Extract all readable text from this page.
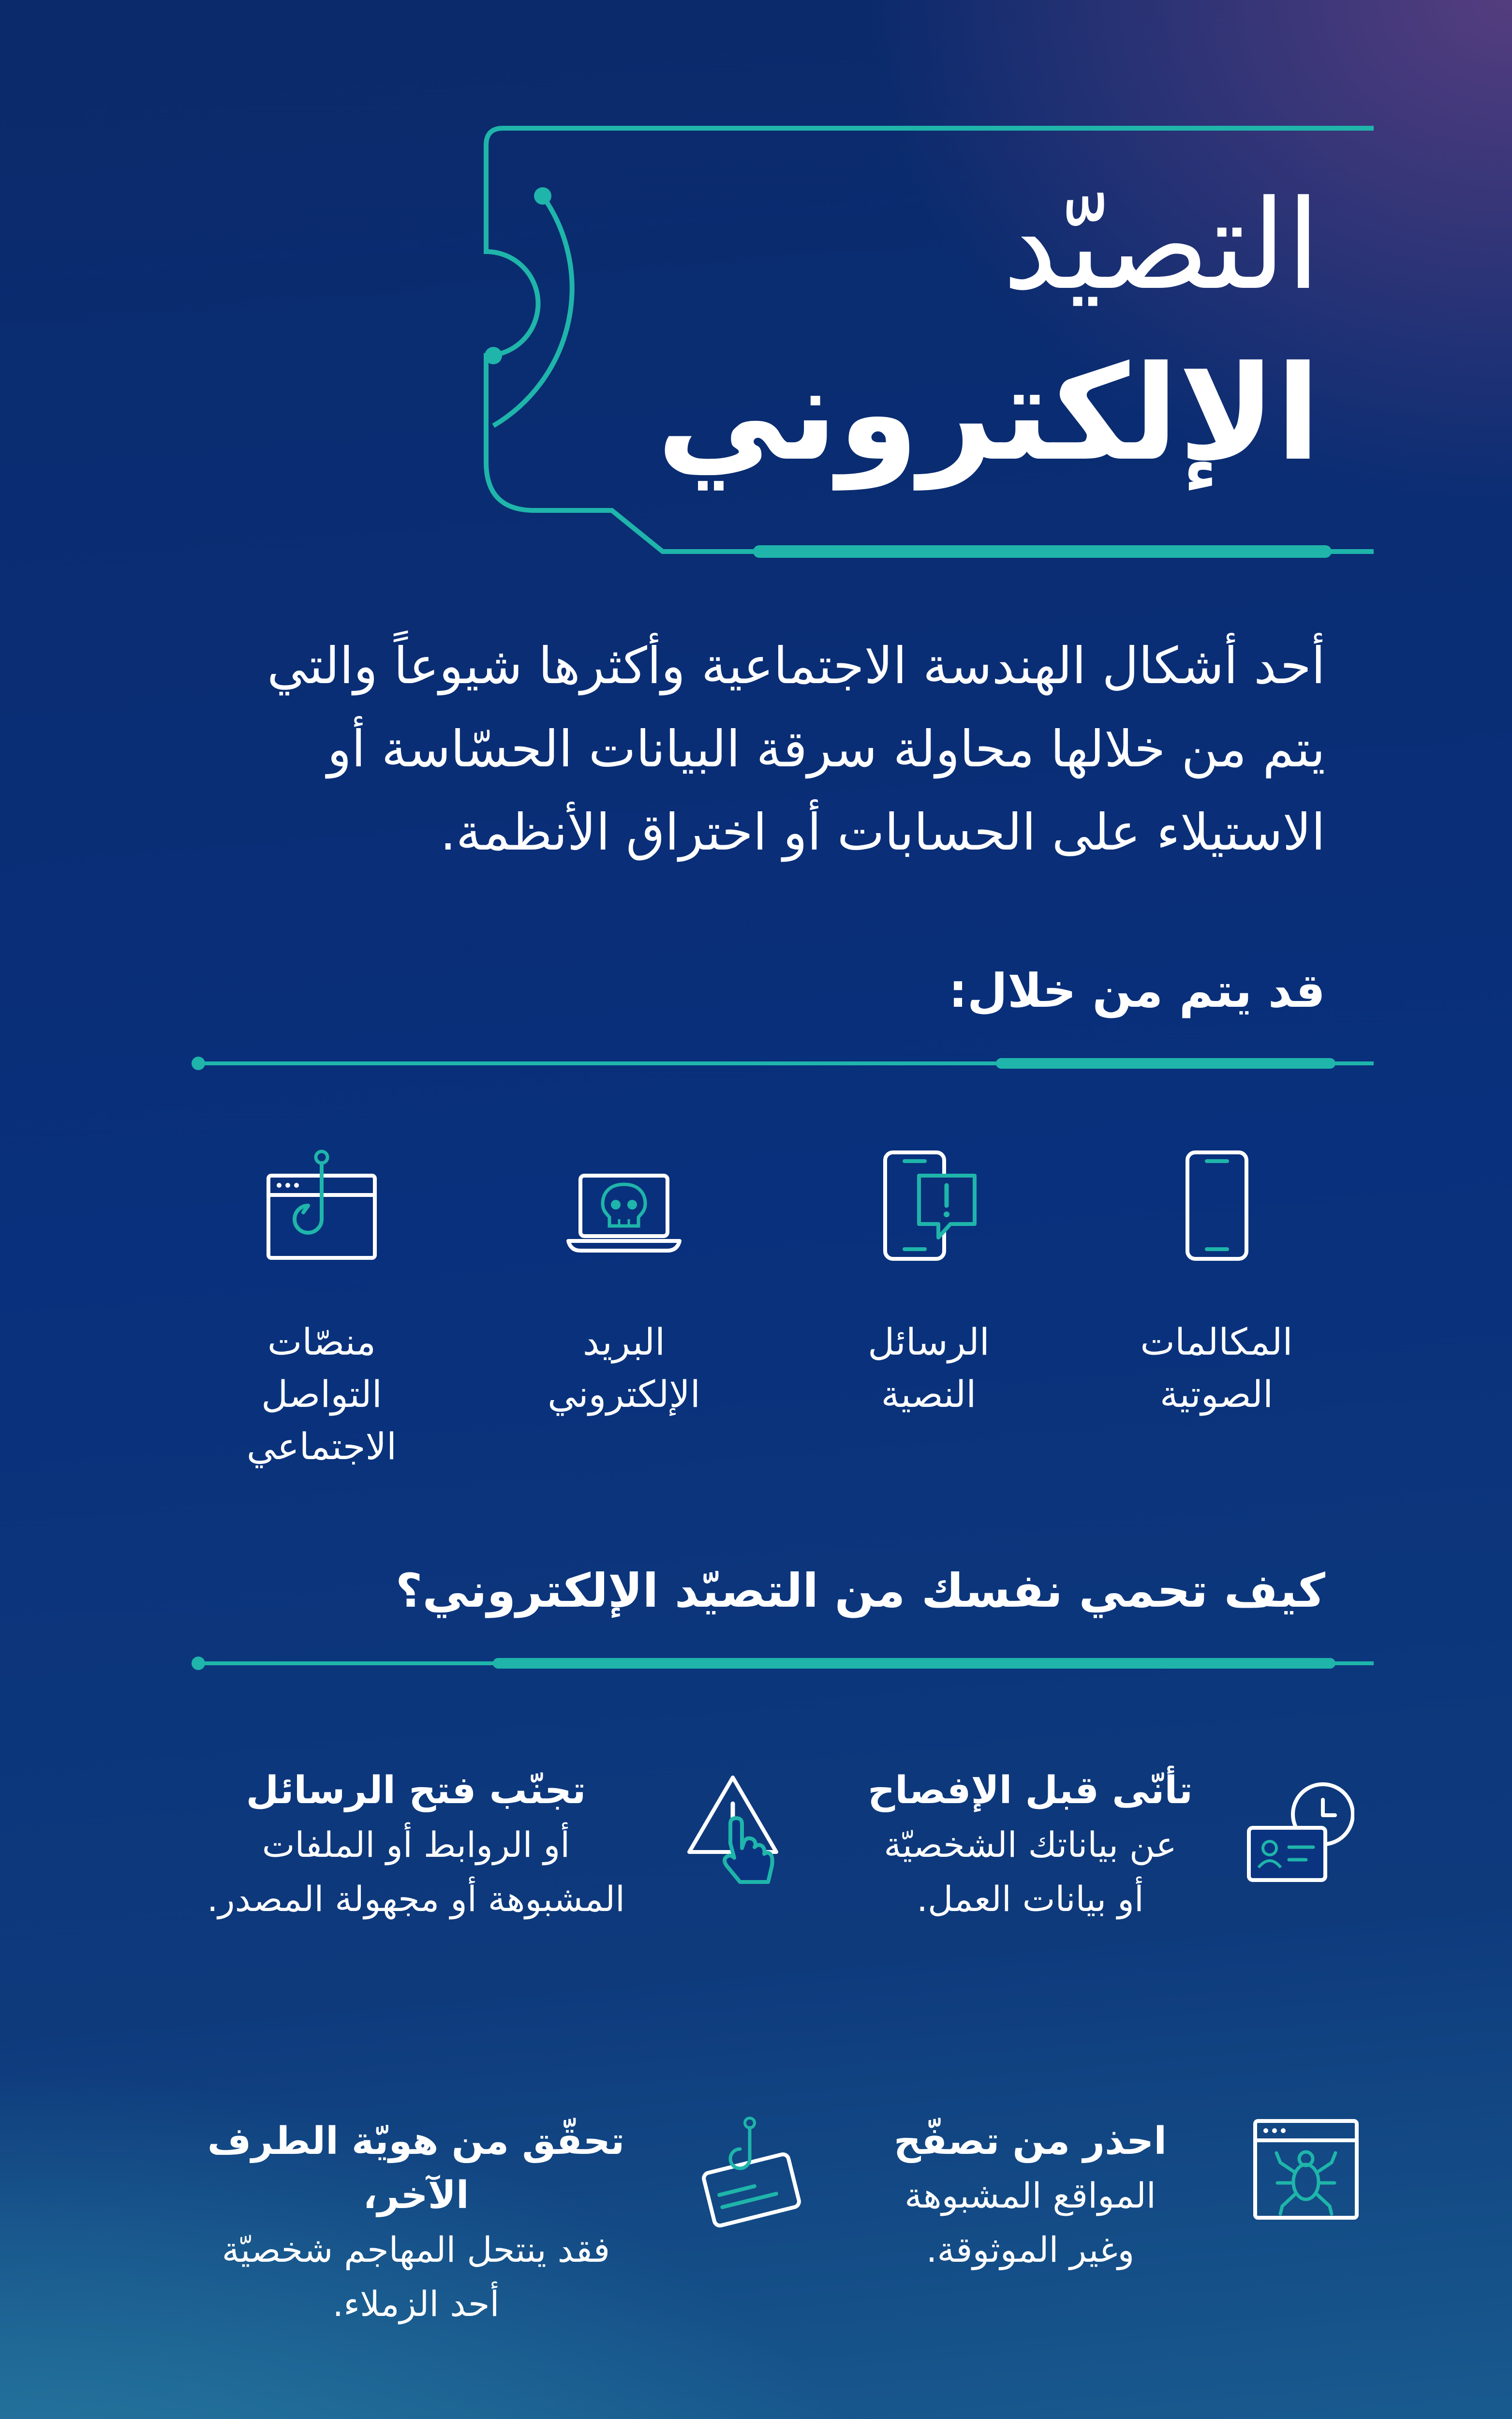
التصيّد
الإلكتروني
أحد أشكال الهندسة الاجتماعية وأكثرها شيوعاً والتي
يتم من خلالها محاولة سرقة البيانات الحسّاسة أو
الاستيلاء على الحسابات أو اختراق الأنظمة.
قد يتم من خلال:
المكالمات
الصوتية
الرسائل
النصية
البريد
الإلكتروني
منصّات
التواصل
الاجتماعي
كيف تحمي نفسك من التصيّد الإلكتروني؟
تأنّى قبل الإفصاح
عن بياناتك الشخصيّة
أو بيانات العمل.
تجنّب فتح الرسائل
أو الروابط أو الملفات
المشبوهة أو مجهولة المصدر.
احذر من تصفّح
المواقع المشبوهة
وغير الموثوقة.
تحقّق من هويّة الطرف الآخر،
فقد ينتحل المهاجم شخصيّة
أحد الزملاء.
